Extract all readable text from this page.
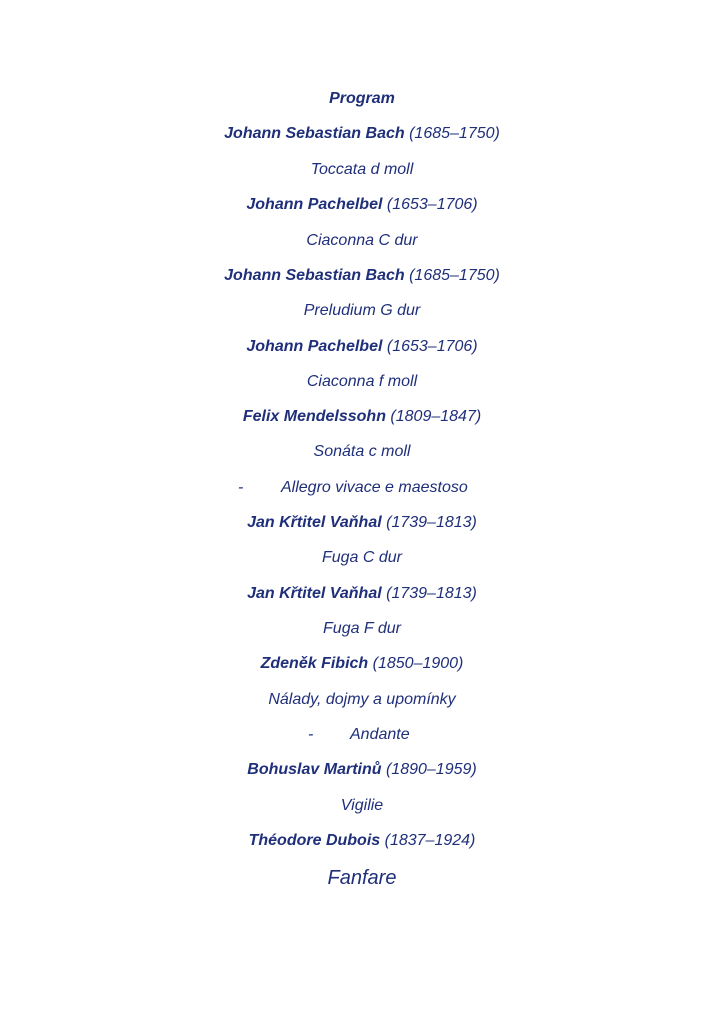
Program
Johann Sebastian Bach (1685–1750)
Toccata d moll
Johann Pachelbel (1653–1706)
Ciaconna C dur
Johann Sebastian Bach (1685–1750)
Preludium G dur
Johann Pachelbel (1653–1706)
Ciaconna f moll
Felix Mendelssohn (1809–1847)
Sonáta c moll
- Allegro vivace e maestoso
Jan Křtitel Vaňhal (1739–1813)
Fuga C dur
Jan Křtitel Vaňhal (1739–1813)
Fuga F dur
Zdeněk Fibich (1850–1900)
Nálady, dojmy a upomínky
- Andante
Bohuslav Martinů (1890–1959)
Vigilie
Théodore Dubois (1837–1924)
Fanfare
